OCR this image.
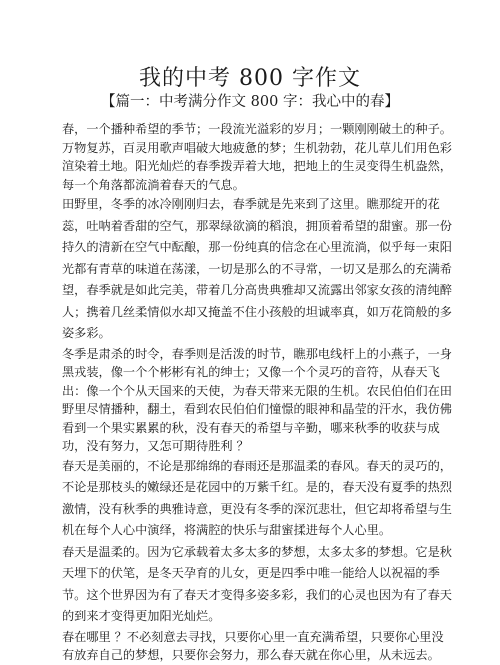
我的中考 800 字作文
【篇一：中考满分作文 800 字：我心中的春】

春，一个播种希望的季节；一段流光溢彩的岁月；一颗刚刚破土的种子。万物复苏，百灵用歌声唱破大地疲惫的梦；生机勃勃，花儿草儿们用色彩渲染着土地。阳光灿烂的春季拨弄着大地，把地上的生灵变得生机盎然，每一个角落都流淌着春天的气息。

田野里，冬季的冰冷刚刚归去，春季就是先来到了这里。瞧那绽开的花蕊，吐呐着香甜的空气，那翠绿欲滴的稻浪，拥顶着希望的甜蜜。那一份持久的清新在空气中酝酿，那一份纯真的信念在心里流淌，似乎每一束阳光都有青草的味道在荡漾，一切是那么的不寻常，一切又是那么的充满希望，春季就是如此完美，带着几分高贵典雅却又流露出邻家女孩的清纯醉人；携着几丝柔情似水却又掩盖不住小孩般的坦诚率真，如万花筒般的多姿多彩。

冬季是肃杀的时令，春季则是活泼的时节，瞧那电线杆上的小燕子，一身黑戎装，像一个个彬彬有礼的绅士；又像一个个灵巧的音符，从春天飞出：像一个个从天国来的天使，为春天带来无限的生机。农民伯伯们在田野里尽情播种，翻土，看到农民伯伯们憧憬的眼神和晶莹的汗水，我仿佛看到一个果实累累的秋，没有春天的希望与辛勤，哪来秋季的收获与成功，没有努力，又怎可期待胜利 ？

春天是美丽的，不论是那绵绵的春雨还是那温柔的春风。春天的灵巧的，不论是那枝头的嫩绿还是花园中的万紫千红。是的，春天没有夏季的热烈激情，没有秋季的典雅诗意，更没有冬季的深沉悲壮，但它却将希望与生机在每个人心中演绎，将满腔的快乐与甜蜜揉进每个人心里。

春天是温柔的。因为它承载着太多太多的梦想，太多太多的梦想。它是秋天埋下的伏笔，是冬天孕育的儿女，更是四季中唯一能给人以祝福的季节。这个世界因为有了春天才变得多姿多彩，我们的心灵也因为有了春天的到来才变得更加阳光灿烂。

春在哪里 ？不必刻意去寻找，只要你心里一直充满希望，只要你心里没有放弃自己的梦想，只要你会努力，那么春天就在你心里，从未远去。
